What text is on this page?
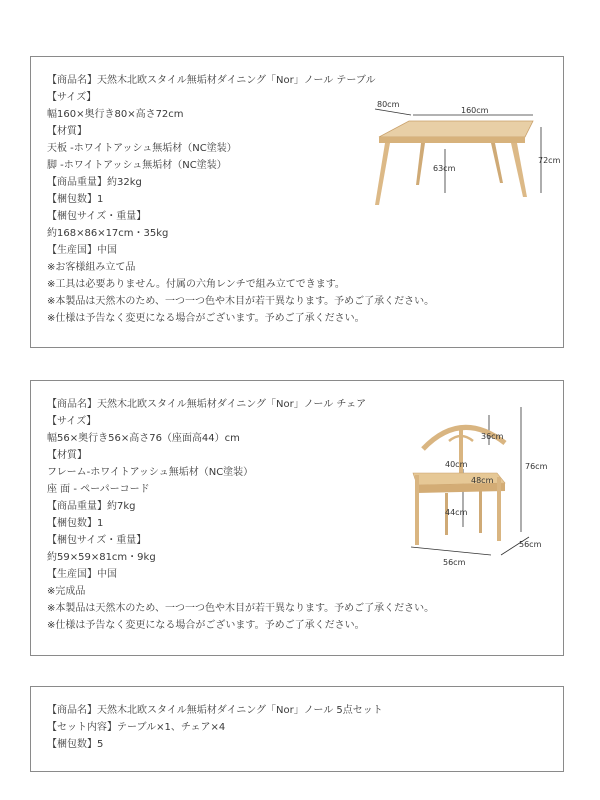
【商品名】天然木北欧スタイル無垢材ダイニング「Nor」ノール テーブル
【サイズ】
幅160×奥行き80×高さ72cm
【材質】
天板 -ホワイトアッシュ無垢材（NC塗装）
脚 -ホワイトアッシュ無垢材（NC塗装）
【商品重量】約32kg
【梱包数】1
【梱包サイズ・重量】
約168×86×17cm・35kg
【生産国】中国
※お客様組み立て品
※工具は必要ありません。付属の六角レンチで組み立てできます。
※本製品は天然木のため、一つ一つ色や木目が若干異なります。予めご了承ください。
※仕様は予告なく変更になる場合がございます。予めご了承ください。
80cm
160cm
72cm
63cm
【商品名】天然木北欧スタイル無垢材ダイニング「Nor」ノール チェア
【サイズ】
幅56×奥行き56×高さ76（座面高44）cm
【材質】
フレーム-ホワイトアッシュ無垢材（NC塗装）
座 面 - ペーパーコード
【商品重量】約7kg
【梱包数】1
【梱包サイズ・重量】
約59×59×81cm・9kg
【生産国】中国
※完成品
※本製品は天然木のため、一つ一つ色や木目が若干異なります。予めご了承ください。
※仕様は予告なく変更になる場合がございます。予めご了承ください。
36cm
40cm
48cm
76cm
44cm
56cm
56cm
【商品名】天然木北欧スタイル無垢材ダイニング「Nor」ノール 5点セット
【セット内容】テーブル×1、チェア×4
【梱包数】5
